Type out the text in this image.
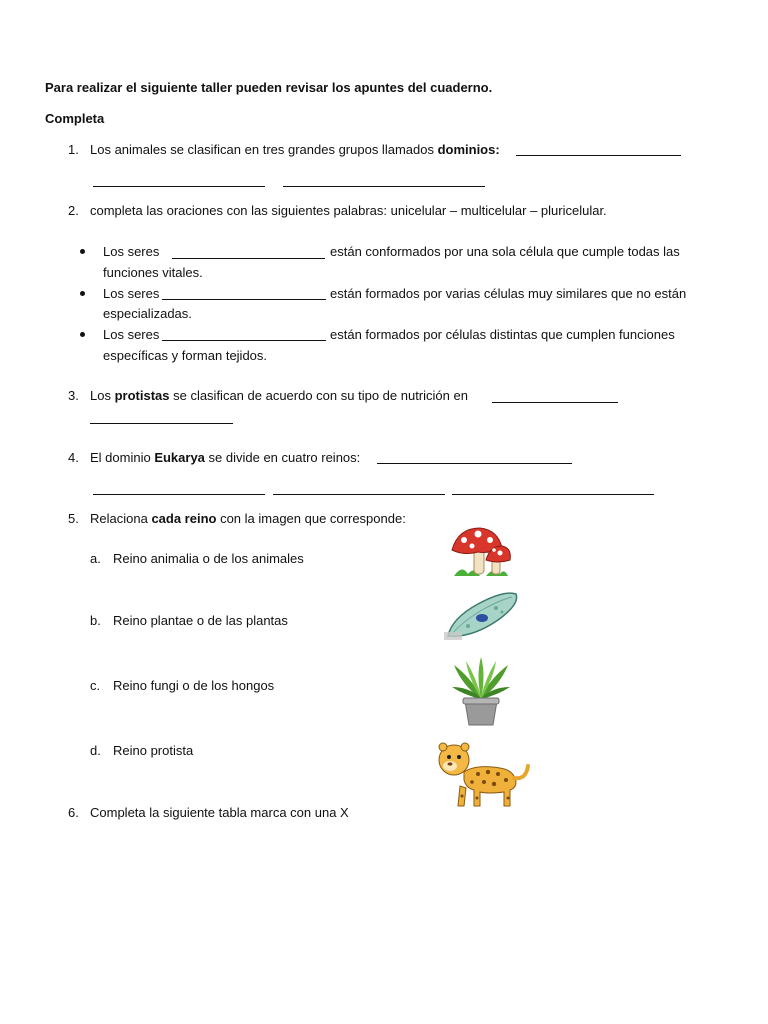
Para realizar el siguiente taller pueden revisar los apuntes del cuaderno.
Completa
1. Los animales se clasifican en tres grandes grupos llamados dominios:
2. completa las oraciones con las siguientes palabras: unicelular – multicelular – pluricelular.
Los seres	están conformados por una sola célula que cumple todas las
funciones vitales.
Los seres	están formados por varias células muy similares que no están
especializadas.
Los seres	están formados por células distintas que cumplen funciones
específicas y forman tejidos.
3. Los protistas se clasifican de acuerdo con su tipo de nutrición en
4. El dominio Eukarya se divide en cuatro reinos:
5. Relaciona cada reino con la imagen que corresponde:
a. Reino animalia o de los animales
b. Reino plantae o de las plantas
c. Reino fungi o de los hongos
d. Reino protista
6. Completa la siguiente tabla marca con una X
